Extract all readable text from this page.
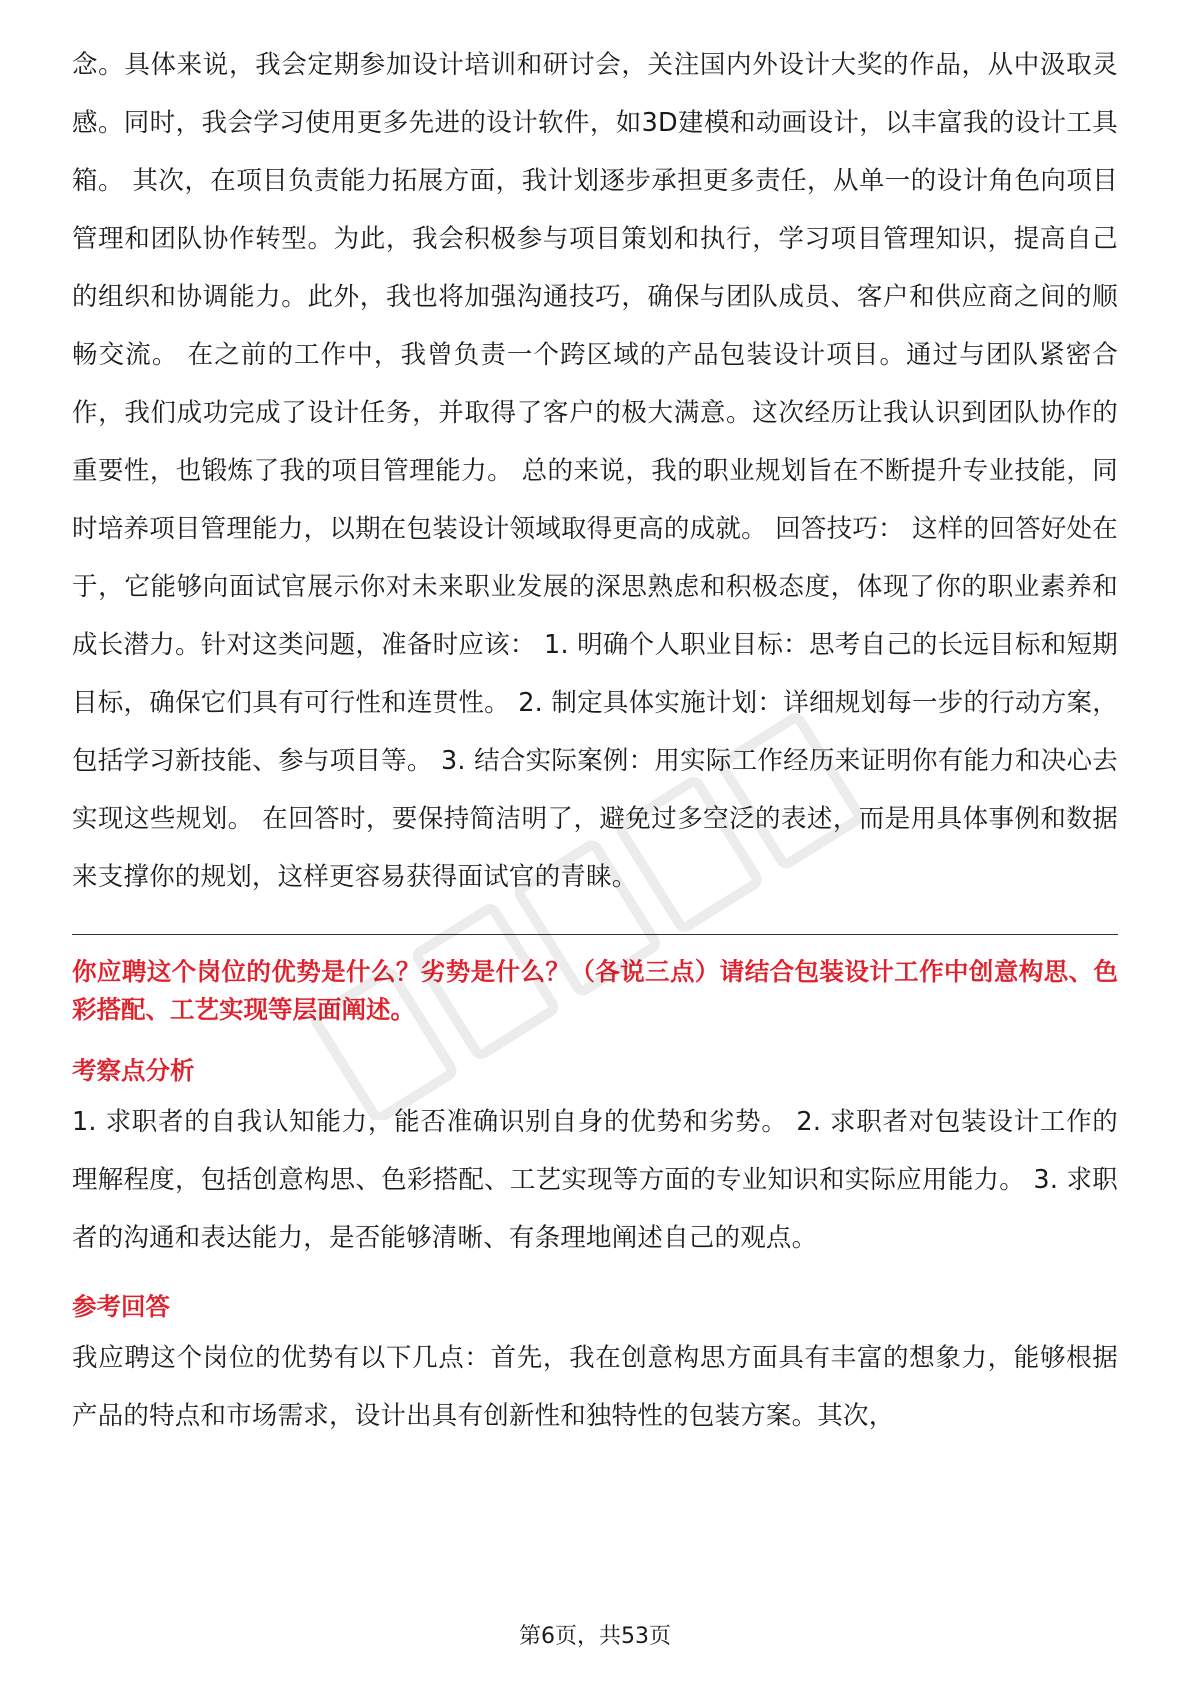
念。具体来说，我会定期参加设计培训和研讨会，关注国内外设计大奖的作品，从中汲取灵感。同时，我会学习使用更多先进的设计软件，如3D建模和动画设计，以丰富我的设计工具箱。 其次，在项目负责能力拓展方面，我计划逐步承担更多责任，从单一的设计角色向项目管理和团队协作转型。为此，我会积极参与项目策划和执行，学习项目管理知识，提高自己的组织和协调能力。此外，我也将加强沟通技巧，确保与团队成员、客户和供应商之间的顺畅交流。 在之前的工作中，我曾负责一个跨区域的产品包装设计项目。通过与团队紧密合作，我们成功完成了设计任务，并取得了客户的极大满意。这次经历让我认识到团队协作的重要性，也锻炼了我的项目管理能力。 总的来说，我的职业规划旨在不断提升专业技能，同时培养项目管理能力，以期在包装设计领域取得更高的成就。 回答技巧： 这样的回答好处在于，它能够向面试官展示你对未来职业发展的深思熟虑和积极态度，体现了你的职业素养和成长潜力。针对这类问题，准备时应该： 1. 明确个人职业目标：思考自己的长远目标和短期目标，确保它们具有可行性和连贯性。 2. 制定具体实施计划：详细规划每一步的行动方案，包括学习新技能、参与项目等。 3. 结合实际案例：用实际工作经历来证明你有能力和决心去实现这些规划。 在回答时，要保持简洁明了，避免过多空泛的表述，而是用具体事例和数据来支撑你的规划，这样更容易获得面试官的青睐。

你应聘这个岗位的优势是什么？劣势是什么？（各说三点）请结合包装设计工作中创意构思、色彩搭配、工艺实现等层面阐述。

考察点分析

1. 求职者的自我认知能力，能否准确识别自身的优势和劣势。 2. 求职者对包装设计工作的理解程度，包括创意构思、色彩搭配、工艺实现等方面的专业知识和实际应用能力。 3. 求职者的沟通和表达能力，是否能够清晰、有条理地阐述自己的观点。

参考回答

我应聘这个岗位的优势有以下几点：首先，我在创意构思方面具有丰富的想象力，能够根据产品的特点和市场需求，设计出具有创新性和独特性的包装方案。其次，

第6页，共53页
